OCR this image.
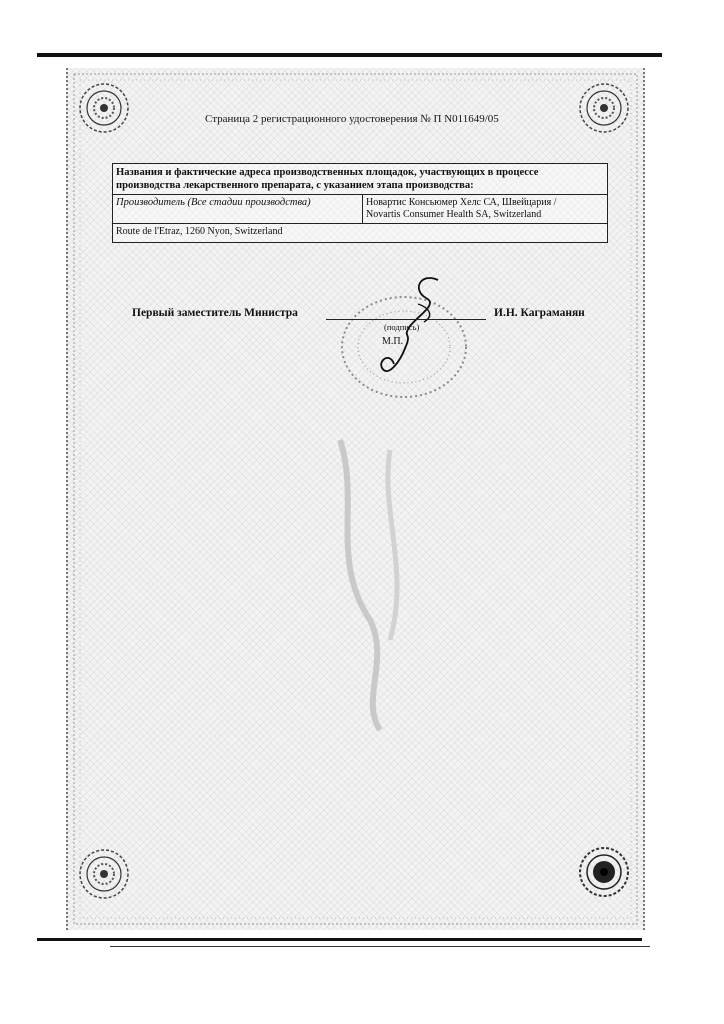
Страница 2 регистрационного удостоверения № П N011649/05
Названия и фактические адреса производственных площадок, участвующих в процессе производства лекарственного препарата, с указанием этапа производства:
Производитель (Все стадии производства)	Новартис Консьюмер Хелс СА, Швейцария /
Novartis Consumer Health SA, Switzerland

Route de l'Etraz, 1260 Nyon, Switzerland
Первый заместитель Министра	И.Н. Каграманян
(подпись)
М.П.
